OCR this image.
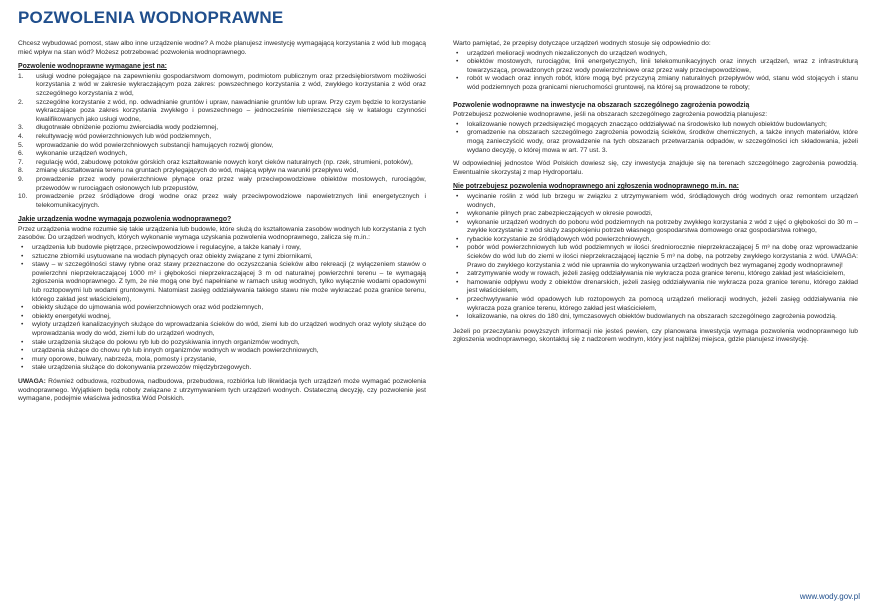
POZWOLENIA WODNOPRAWNE

Chcesz wybudować pomost, staw albo inne urządzenie wodne? A może planujesz inwestycję wymagającą korzystania z wód lub mogącą mieć wpływ na stan wód? Możesz potrzebować pozwolenia wodnoprawnego.

Pozwolenie wodnoprawne wymagane jest na:
1. usługi wodne polegające na zapewnieniu gospodarstwom domowym, podmiotom publicznym oraz przedsiębiorstwom możliwości korzystania z wód w zakresie wykraczającym poza zakres: powszechnego korzystania z wód, zwykłego korzystania z wód oraz szczególnego korzystania z wód,
2. szczególne korzystanie z wód, np. odwadnianie gruntów i upraw, nawadnianie gruntów lub upraw. Przy czym będzie to korzystanie wykraczające poza zakres korzystania zwykłego i powszechnego – jednocześnie niemieszczące się w katalogu czynności kwalifikowanych jako usługi wodne,
3. długotrwałe obniżenie poziomu zwierciadła wody podziemnej,
4. rekultywację wód powierzchniowych lub wód podziemnych,
5. wprowadzanie do wód powierzchniowych substancji hamujących rozwój glonów,
6. wykonanie urządzeń wodnych,
7. regulację wód, zabudowę potoków górskich oraz kształtowanie nowych koryt cieków naturalnych (np. rzek, strumieni, potoków),
8. zmianę ukształtowania terenu na gruntach przylegających do wód, mającą wpływ na warunki przepływu wód,
9. prowadzenie przez wody powierzchniowe płynące oraz przez wały przeciwpowodziowe obiektów mostowych, rurociągów, przewodów w rurociągach osłonowych lub przepustów,
10. prowadzenie przez śródlądowe drogi wodne oraz przez wały przeciwpowodziowe napowietrznych linii energetycznych i telekomunikacyjnych.
Jakie urządzenia wodne wymagają pozwolenia wodnoprawnego?

Przez urządzenia wodne rozumie się takie urządzenia lub budowle, które służą do kształtowania zasobów wodnych lub korzystania z tych zasobów. Do urządzeń wodnych, których wykonanie wymaga uzyskania pozwolenia wodnoprawnego, zalicza się m.in.:

• urządzenia lub budowle piętrzące, przeciwpowodziowe i regulacyjne, a także kanały i rowy,
• sztuczne zbiorniki usytuowane na wodach płynących oraz obiekty związane z tymi zbiornikami,
• stawy – w szczególności stawy rybne oraz stawy przeznaczone do oczyszczania ścieków albo rekreacji (z wyłączeniem stawów o powierzchni nieprzekraczającej 1000 m² i głębokości nieprzekraczającej 3 m od naturalnej powierzchni terenu – te wymagają zgłoszenia wodnoprawnego. Z tym, że nie mogą one być napełniane w ramach usług wodnych, tylko wyłącznie wodami opadowymi lub roztopowymi lub wodami gruntowymi. Natomiast zasięg oddziaływania takiego stawu nie może wykraczać poza granice terenu, którego zakład jest właścicielem),
• obiekty służące do ujmowania wód powierzchniowych oraz wód podziemnych,
• obiekty energetyki wodnej,
• wyloty urządzeń kanalizacyjnych służące do wprowadzania ścieków do wód, ziemi lub do urządzeń wodnych oraz wyloty służące do wprowadzania wody do wód, ziemi lub do urządzeń wodnych,
• stałe urządzenia służące do połowu ryb lub do pozyskiwania innych organizmów wodnych,
• urządzenia służące do chowu ryb lub innych organizmów wodnych w wodach powierzchniowych,
• mury oporowe, bulwary, nabrzeża, mola, pomosty i przystanie,
• stałe urządzenia służące do dokonywania przewozów międzybrzegowych.

UWAGA: Również odbudowa, rozbudowa, nadbudowa, przebudowa, rozbiórka lub likwidacja tych urządzeń może wymagać pozwolenia wodnoprawnego. Wyjątkiem będą roboty związane z utrzymywaniem tych urządzeń wodnych. Ostateczną decyzję, czy pozwolenie jest wymagane, podejmie właściwa jednostka Wód Polskich.

Warto pamiętać, że przepisy dotyczące urządzeń wodnych stosuje się odpowiednio do:

• urządzeń melioracji wodnych niezaliczonych do urządzeń wodnych,
• obiektów mostowych, rurociągów, linii energetycznych, linii telekomunikacyjnych oraz innych urządzeń, wraz z infrastrukturą towarzyszącą, prowadzonych przez wody powierzchniowe oraz przez wały przeciwpowodziowe,
• robót w wodach oraz innych robót, które mogą być przyczyną zmiany naturalnych przepływów wód, stanu wód stojących i stanu wód podziemnych poza granicami nieruchomości gruntowej, na której są prowadzone te roboty;
Pozwolenie wodnoprawne na inwestycje na obszarach szczególnego zagrożenia powodzią

Potrzebujesz pozwolenie wodnoprawne, jeśli na obszarach szczególnego zagrożenia powodzią planujesz:

• lokalizowanie nowych przedsięwzięć mogących znacząco oddziaływać na środowisko lub nowych obiektów budowlanych;
• gromadzenie na obszarach szczególnego zagrożenia powodzią ścieków, środków chemicznych, a także innych materiałów, które mogą zanieczyścić wody, oraz prowadzenie na tych obszarach przetwarzania odpadów, w szczególności ich składowania, jeżeli wydano decyzję, o której mowa w art. 77 ust. 3.

W odpowiedniej jednostce Wód Polskich dowiesz się, czy inwestycja znajduje się na terenach szczególnego zagrożenia powodzią. Ewentualnie skorzystaj z map Hydroportalu.

Nie potrzebujesz pozwolenia wodnoprawnego ani zgłoszenia wodnoprawnego m.in. na:
• wycinanie roślin z wód lub brzegu w związku z utrzymywaniem wód, śródlądowych dróg wodnych oraz remontem urządzeń wodnych,
• wykonanie pilnych prac zabezpieczających w okresie powodzi,
• wykonanie urządzeń wodnych do poboru wód podziemnych na potrzeby zwykłego korzystania z wód z ujęć o głębokości do 30 m – zwykłe korzystanie z wód służy zaspokojeniu potrzeb własnego gospodarstwa domowego oraz gospodarstwa rolnego,
• rybackie korzystanie ze śródlądowych wód powierzchniowych,
• pobór wód powierzchniowych lub wód podziemnych w ilości średniorocznie nieprzekraczającej 5 m³ na dobę oraz wprowadzanie ścieków do wód lub do ziemi w ilości nieprzekraczającej łącznie 5 m³ na dobę, na potrzeby zwykłego korzystania z wód. UWAGA: Prawo do zwykłego korzystania z wód nie uprawnia do wykonywania urządzeń wodnych bez wymaganej zgody wodnoprawnej!
• zatrzymywanie wody w rowach, jeżeli zasięg oddziaływania nie wykracza poza granice terenu, którego zakład jest właścicielem,
• hamowanie odpływu wody z obiektów drenarskich, jeżeli zasięg oddziaływania nie wykracza poza granice terenu, którego zakład jest właścicielem,
• przechwytywanie wód opadowych lub roztopowych za pomocą urządzeń melioracji wodnych, jeżeli zasięg oddziaływania nie wykracza poza granice terenu, którego zakład jest właścicielem,
• lokalizowanie, na okres do 180 dni, tymczasowych obiektów budowlanych na obszarach szczególnego zagrożenia powodzią.

Jeżeli po przeczytaniu powyższych informacji nie jesteś pewien, czy planowana inwestycja wymaga pozwolenia wodnoprawnego lub zgłoszenia wodnoprawnego, skontaktuj się z nadzorem wodnym, który jest najbliżej miejsca, gdzie planujesz inwestycję.

www.wody.gov.pl
